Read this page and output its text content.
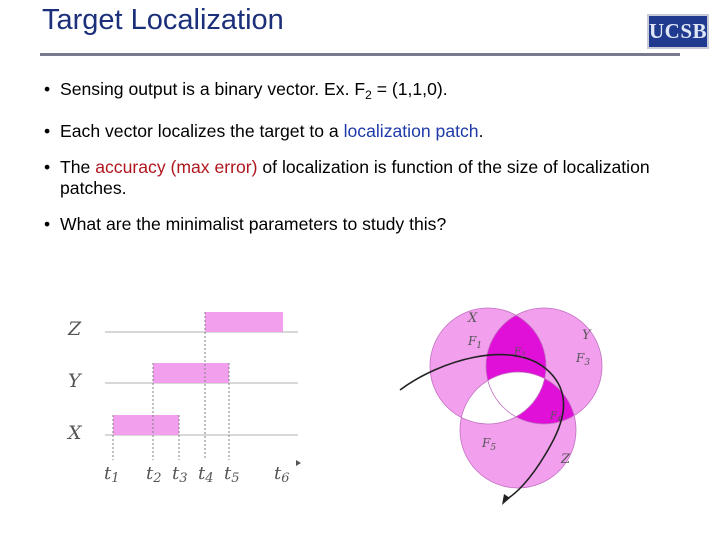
Target Localization	UCSB
• Sensing output is a binary vector. Ex. $F_2 = (1,1,0)$.
• Each vector localizes the target to a localization patch.
• The accuracy (max error) of localization is function of the size of localization patches.
• What are the minimalist parameters to study this?
Z
Y
X
t1 t2 t3 t4 t5 t6
X
Y
Z
$F_1$
$F_2$	$F_3$
$F_4$
$F_5$
